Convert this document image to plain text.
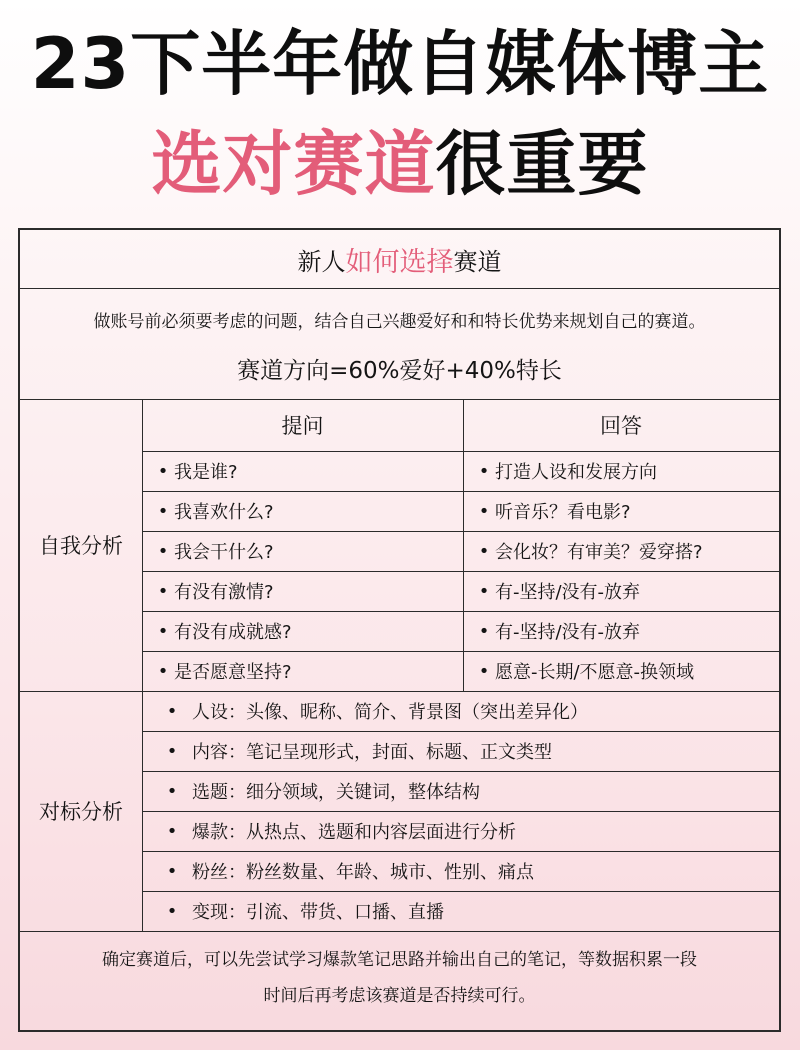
23下半年做自媒体博主
选对赛道很重要
新人 如何选择 赛道
做账号前必须要考虑的问题，结合自己兴趣爱好和和特长优势来规划自己的赛道。
赛道方向=60%爱好+40%特长
自我分析
提问	回答
• 我是谁?	• 打造人设和发展方向
• 我喜欢什么?	• 听音乐？看电影?
• 我会干什么?	• 会化妆？有审美？爱穿搭?
• 有没有激情?	• 有-坚持/没有-放弃
• 有没有成就感?	• 有-坚持/没有-放弃
• 是否愿意坚持?	• 愿意-长期/不愿意-换领域
对标分析
• 人设：头像、昵称、简介、背景图（突出差异化）
• 内容：笔记呈现形式，封面、标题、正文类型
• 选题：细分领域，关键词，整体结构
• 爆款：从热点、选题和内容层面进行分析
• 粉丝：粉丝数量、年龄、城市、性别、痛点
• 变现：引流、带货、口播、直播
确定赛道后，可以先尝试学习爆款笔记思路并输出自己的笔记，等数据积累一段
时间后再考虑该赛道是否持续可行。
